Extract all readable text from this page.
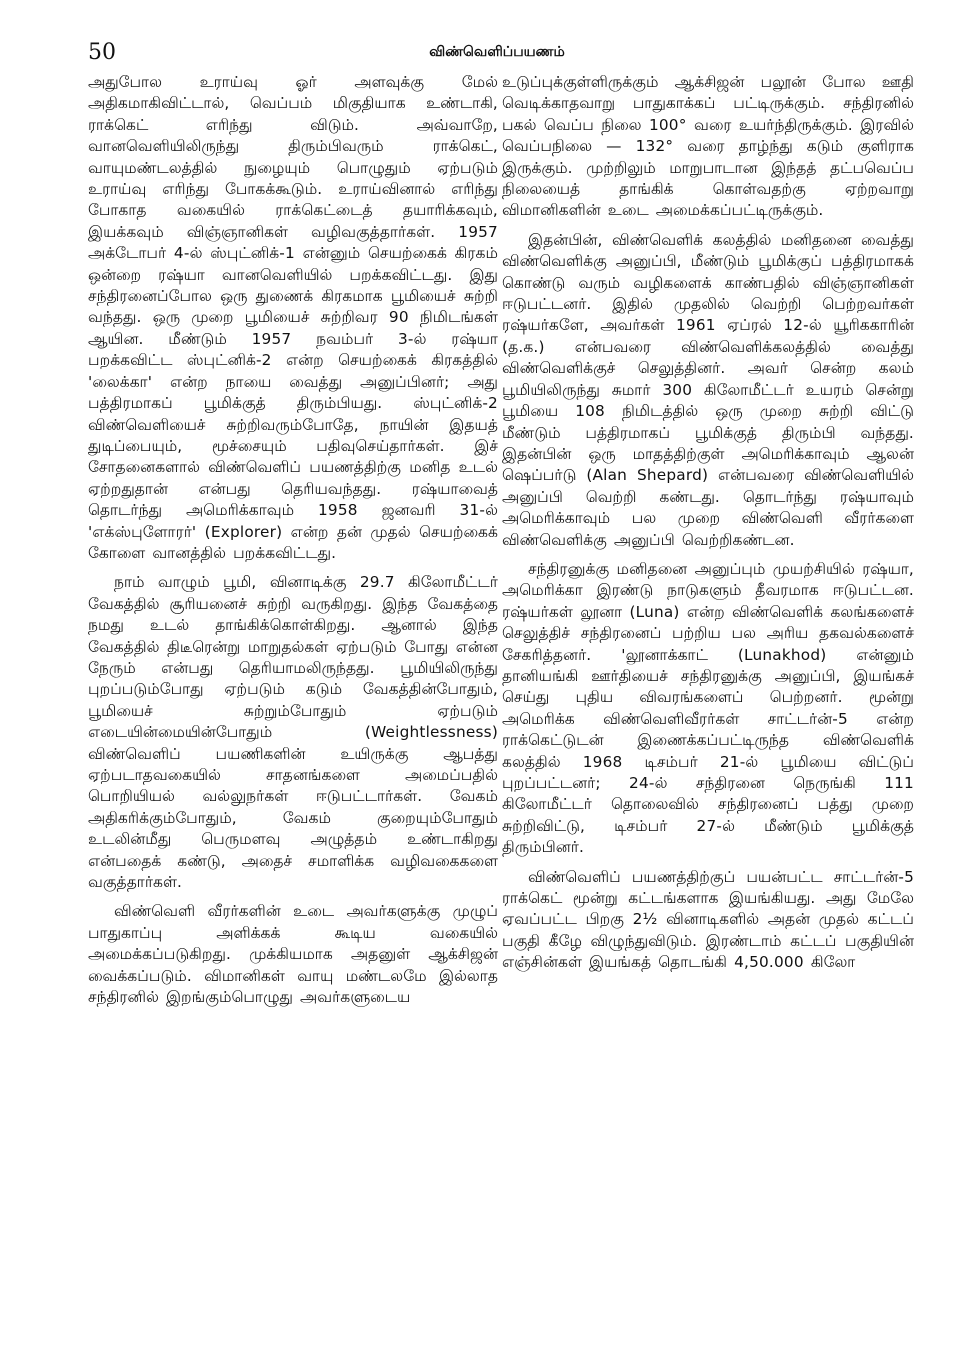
50	விண்வெளிப்பயணம்

அதுபோல உராய்வு ஓர் அளவுக்கு மேல் அதிகமாகிவிட்டால், வெப்பம் மிகுதியாக உண்டாகி, ராக்கெட் எரிந்து விடும். அவ்வாறே, வானவெளியிலிருந்து திரும்பிவரும் ராக்கெட், வாயுமண்டலத்தில் நுழையும் பொழுதும் ஏற்படும் உராய்வு எரிந்து போகக்கூடும். உராய்வினால் எரிந்து போகாத வகையில் ராக்கெட்டைத் தயாரிக்கவும், இயக்கவும் விஞ்ஞானிகள் வழிவகுத்தார்கள். 1957 அக்டோபர் 4-ல் ஸ்புட்னிக்-1 என்னும் செயற்கைக் கிரகம் ஒன்றை ரஷ்யா வானவெளியில் பறக்கவிட்டது. இது சந்திரனைப்போல ஒரு துணைக் கிரகமாக பூமியைச் சுற்றி வந்தது. ஒரு முறை பூமியைச் சுற்றிவர 90 நிமிடங்கள் ஆயின. மீண்டும் 1957 நவம்பர் 3-ல் ரஷ்யா பறக்கவிட்ட ஸ்புட்னிக்-2 என்ற செயற்கைக் கிரகத்தில் 'லைக்கா' என்ற நாயை வைத்து அனுப்பினர்; அது பத்திரமாகப் பூமிக்குத் திரும்பியது. ஸ்புட்னிக்-2 விண்வெளியைச் சுற்றிவரும்போதே, நாயின் இதயத் துடிப்பையும், மூச்சையும் பதிவுசெய்தார்கள். இச் சோதனைகளால் விண்வெளிப் பயணத்திற்கு மனித உடல் ஏற்றதுதான் என்பது தெரியவந்தது. ரஷ்யாவைத் தொடர்ந்து அமெரிக்காவும் 1958 ஜனவரி 31-ல் 'எக்ஸ்புளோரர்' (Explorer) என்ற தன் முதல் செயற்கைக் கோளை வானத்தில் பறக்கவிட்டது.

நாம் வாழும் பூமி, வினாடிக்கு 29.7 கிலோமீட்டர் வேகத்தில் சூரியனைச் சுற்றி வருகிறது. இந்த வேகத்தை நமது உடல் தாங்கிக்கொள்கிறது. ஆனால் இந்த வேகத்தில் திடீரென்று மாறுதல்கள் ஏற்படும் போது என்ன நேரும் என்பது தெரியாமலிருந்தது. பூமியிலிருந்து புறப்படும்போது ஏற்படும் கடும் வேகத்தின்போதும், பூமியைச் சுற்றும்போதும் ஏற்படும் எடையின்மையின்போதும் (Weightlessness) விண்வெளிப் பயணிகளின் உயிருக்கு ஆபத்து ஏற்படாதவகையில் சாதனங்களை அமைப்பதில் பொறியியல் வல்லுநர்கள் ஈடுபட்டார்கள். வேகம் அதிகரிக்கும்போதும், வேகம் குறையும்போதும் உடலின்மீது பெருமளவு அழுத்தம் உண்டாகிறது என்பதைக் கண்டு, அதைச் சமாளிக்க வழிவகைகளை வகுத்தார்கள்.

விண்வெளி வீரர்களின் உடை அவர்களுக்கு முழுப் பாதுகாப்பு அளிக்கக் கூடிய வகையில் அமைக்கப்படுகிறது. முக்கியமாக அதனுள் ஆக்சிஜன் வைக்கப்படும். விமானிகள் வாயு மண்டலமே இல்லாத சந்திரனில் இறங்கும்பொழுது அவர்களுடைய

உடுப்புக்குள்ளிருக்கும் ஆக்சிஜன் பலூன் போல ஊதி வெடிக்காதவாறு பாதுகாக்கப் பட்டிருக்கும். சந்திரனில் பகல் வெப்ப நிலை 100° வரை உயர்ந்திருக்கும். இரவில் வெப்பநிலை — 132° வரை தாழ்ந்து கடும் குளிராக இருக்கும். முற்றிலும் மாறுபாடான இந்தத் தட்பவெப்ப நிலையைத் தாங்கிக் கொள்வதற்கு ஏற்றவாறு விமானிகளின் உடை அமைக்கப்பட்டிருக்கும்.

இதன்பின், விண்வெளிக் கலத்தில் மனிதனை வைத்து விண்வெளிக்கு அனுப்பி, மீண்டும் பூமிக்குப் பத்திரமாகக் கொண்டு வரும் வழிகளைக் காண்பதில் விஞ்ஞானிகள் ஈடுபட்டனர். இதில் முதலில் வெற்றி பெற்றவர்கள் ரஷ்யர்களே, அவர்கள் 1961 ஏப்ரல் 12-ல் யூரிககாரின் (த.க.) என்பவரை விண்வெளிக்கலத்தில் வைத்து விண்வெளிக்குச் செலுத்தினர். அவர் சென்ற கலம் பூமியிலிருந்து சுமார் 300 கிலோமீட்டர் உயரம் சென்று பூமியை 108 நிமிடத்தில் ஒரு முறை சுற்றி விட்டு மீண்டும் பத்திரமாகப் பூமிக்குத் திரும்பி வந்தது. இதன்பின் ஒரு மாதத்திற்குள் அமெரிக்காவும் ஆலன் ஷெப்பர்டு (Alan Shepard) என்பவரை விண்வெளியில் அனுப்பி வெற்றி கண்டது. தொடர்ந்து ரஷ்யாவும் அமெரிக்காவும் பல முறை விண்வெளி வீரர்களை விண்வெளிக்கு அனுப்பி வெற்றிகண்டன.

சந்திரனுக்கு மனிதனை அனுப்பும் முயற்சியில் ரஷ்யா, அமெரிக்கா இரண்டு நாடுகளும் தீவரமாக ஈடுபட்டன. ரஷ்யர்கள் லூனா (Luna) என்ற விண்வெளிக் கலங்களைச் செலுத்திச் சந்திரனைப் பற்றிய பல அரிய தகவல்களைச் சேகரித்தனர். 'லூனாக்காட் (Lunakhod) என்னும் தானியங்கி ஊர்தியைச் சந்திரனுக்கு அனுப்பி, இயங்கச் செய்து புதிய விவரங்களைப் பெற்றனர். மூன்று அமெரிக்க விண்வெளிவீரர்கள் சாட்டர்ன்-5 என்ற ராக்கெட்டுடன் இணைக்கப்பட்டிருந்த விண்வெளிக் கலத்தில் 1968 டிசம்பர் 21-ல் பூமியை விட்டுப் புறப்பட்டனர்; 24-ல் சந்திரனை நெருங்கி 111 கிலோமீட்டர் தொலைவில் சந்திரனைப் பத்து முறை சுற்றிவிட்டு, டிசம்பர் 27-ல் மீண்டும் பூமிக்குத் திரும்பினர்.

விண்வெளிப் பயணத்திற்குப் பயன்பட்ட சாட்டர்ன்-5 ராக்கெட் மூன்று கட்டங்களாக இயங்கியது. அது மேலே ஏவப்பட்ட பிறகு 2½ வினாடிகளில் அதன் முதல் கட்டப் பகுதி கீழே விழுந்துவிடும். இரண்டாம் கட்டப் பகுதியின் எஞ்சின்கள் இயங்கத் தொடங்கி 4,50.000 கிலோ
